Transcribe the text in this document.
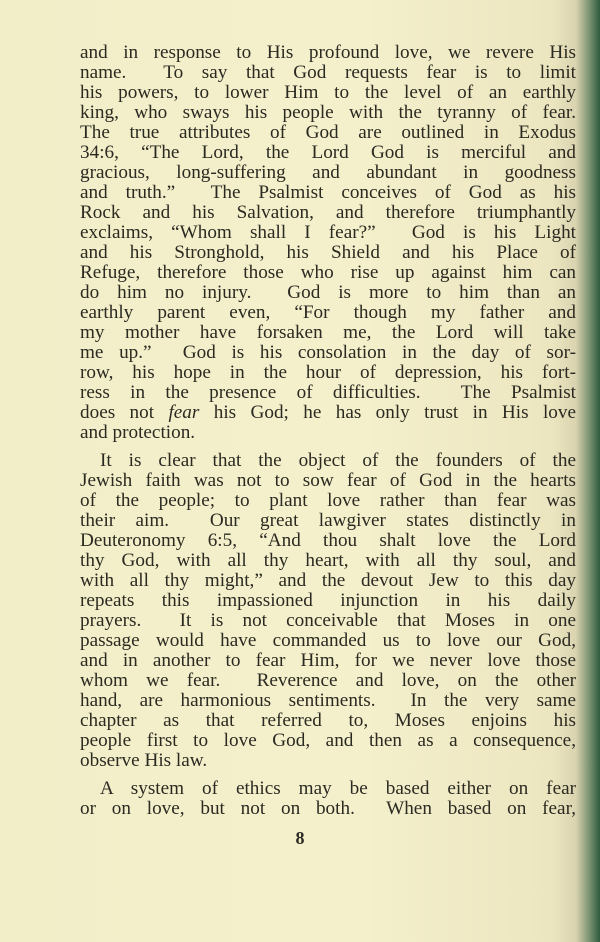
and in response to His profound love, we revere His
name.  To say that God requests fear is to limit
his powers, to lower Him to the level of an earthly
king, who sways his people with the tyranny of fear.
The true attributes of God are outlined in Exodus
34:6, “The Lord, the Lord God is merciful and
gracious, long-suffering and abundant in goodness
and truth.”  The Psalmist conceives of God as his
Rock and his Salvation, and therefore triumphantly
exclaims, “Whom shall I fear?”  God is his Light
and his Stronghold, his Shield and his Place of
Refuge, therefore those who rise up against him can
do him no injury.  God is more to him than an
earthly parent even, “For though my father and
my mother have forsaken me, the Lord will take
me up.”  God is his consolation in the day of sor-
row, his hope in the hour of depression, his fort-
ress in the presence of difficulties.  The Psalmist
does not fear his God; he has only trust in His love
and protection.
It is clear that the object of the founders of the
Jewish faith was not to sow fear of God in the hearts
of the people; to plant love rather than fear was
their aim.  Our great lawgiver states distinctly in
Deuteronomy 6:5, “And thou shalt love the Lord
thy God, with all thy heart, with all thy soul, and
with all thy might,” and the devout Jew to this day
repeats this impassioned injunction in his daily
prayers.  It is not conceivable that Moses in one
passage would have commanded us to love our God,
and in another to fear Him, for we never love those
whom we fear.  Reverence and love, on the other
hand, are harmonious sentiments.  In the very same
chapter as that referred to, Moses enjoins his
people first to love God, and then as a consequence,
observe His law.
A system of ethics may be based either on fear
or on love, but not on both.  When based on fear,
8
